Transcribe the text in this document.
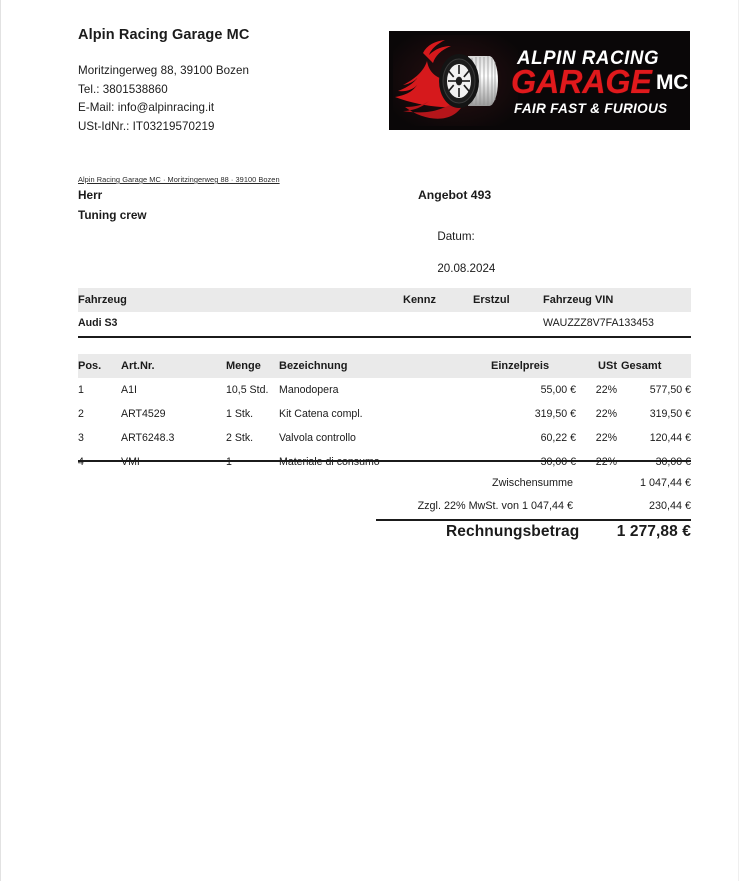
Alpin Racing Garage MC
Moritzingerweg 88, 39100 Bozen
Tel.: 3801538860
E-Mail: info@alpinracing.it
USt-IdNr.: IT03219570219
ALPIN RACING
GARAGE MC
FAIR FAST & FURIOUS
Alpin Racing Garage MC · Moritzingerweg 88 · 39100 Bozen
Herr
Tuning crew
Angebot 493

Datum:

20.08.2024

Fahrzeug	Kennz	Erstzul	Fahrzeug VIN
Audi S3			WAUZZZ8V7FA133453
Pos.	Art.Nr.	Menge	Bezeichnung	Einzelpreis	USt	Gesamt
1	A1I	10,5 Std.	Manodopera	55,00 €	22%	577,50 €
2	ART4529	1 Stk.	Kit Catena compl.	319,50 €	22%	319,50 €
3	ART6248.3	2 Stk.	Valvola controllo	60,22 €	22%	120,44 €
4	VMI	1	Materiale di consumo	30,00 €	22%	30,00 €
Zwischensumme	1 047,44 €
Zzgl. 22% MwSt. von 1 047,44 €	230,44 €
Rechnungsbetrag 1 277,88 €
